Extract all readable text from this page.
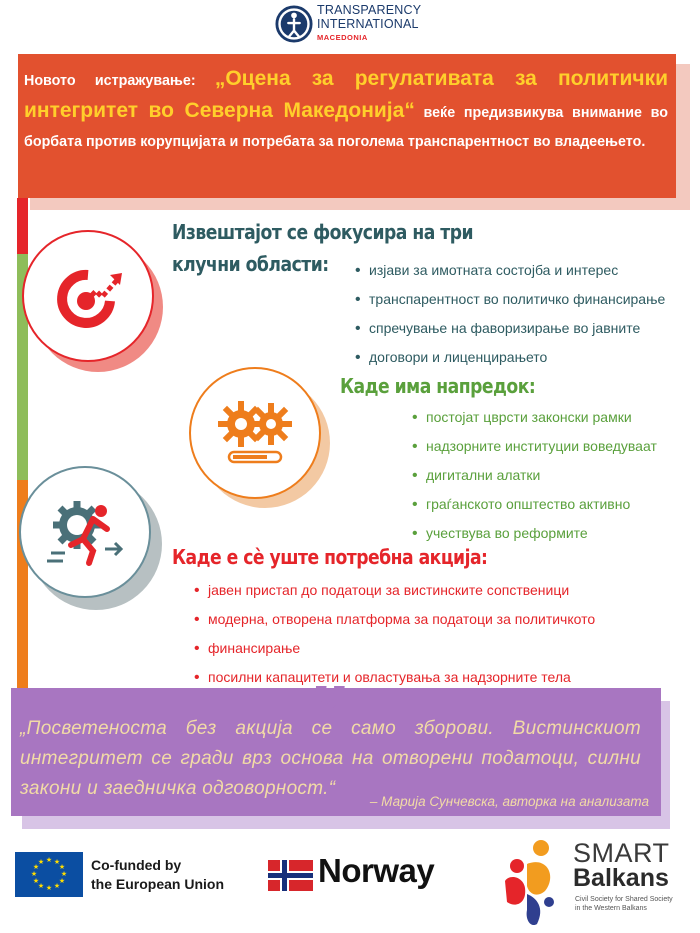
TRANSPARENCY
INTERNATIONAL
MACEDONIA

Новото истражување: „Оцена за регулативата за политички интегритет во Северна Македонија“ веќе предизвикува внимание во борбата против корупцијата и потребата за поголема транспарентност во владеењето.

Извештајот се фокусира на три
клучни области:
•	изјави за имотната состојба и интерес
• транспарентност во политичко финансирање
• спречување на фаворизирање во јавните
• договори и лиценцирањето
Каде има напредок:
• постојат цврсти законски рамки
• надзорните институции воведуваат
• дигитални алатки
• граѓанското општество активно
• учествува во реформите
Каде е сè уште потребна акција:
• јавен пристап до податоци за вистинските сопственици
• модерна, отворена платформа за податоци за политичкото
• финансирање
• посилни капацитети и овластувања за надзорните тела
„Посветеноста без акција се само зборови. Вистинскиот интегритет се гради врз основа на отворени податоци, силни закони и заедничка одговорност.“
– Марија Сунчевска, авторка на анализата
”
★ ★
★
★
★
★
★
★
★
★
★
★	Co-funded by
the European Union	Norway	SMART
Balkans
Civil Society for Shared Society
in the Western Balkans
